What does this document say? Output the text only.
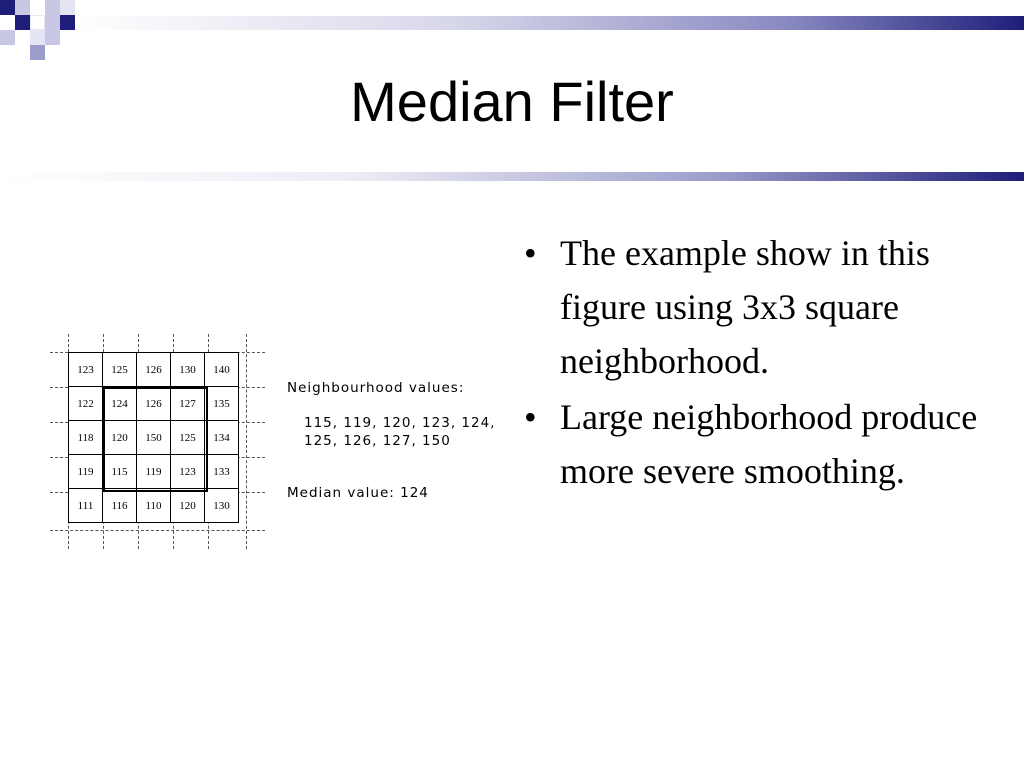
Median Filter
123	125	126	130	140
122	124	126	127	135
118	120	150	125	134
119	115	119	123	133
111	116	110	120	130
Neighbourhood values:
115, 119, 120, 123, 124,
125, 126, 127, 150
Median value: 124
• The example show in this figure using 3x3 square neighborhood.
• Large neighborhood produce more severe smoothing.
